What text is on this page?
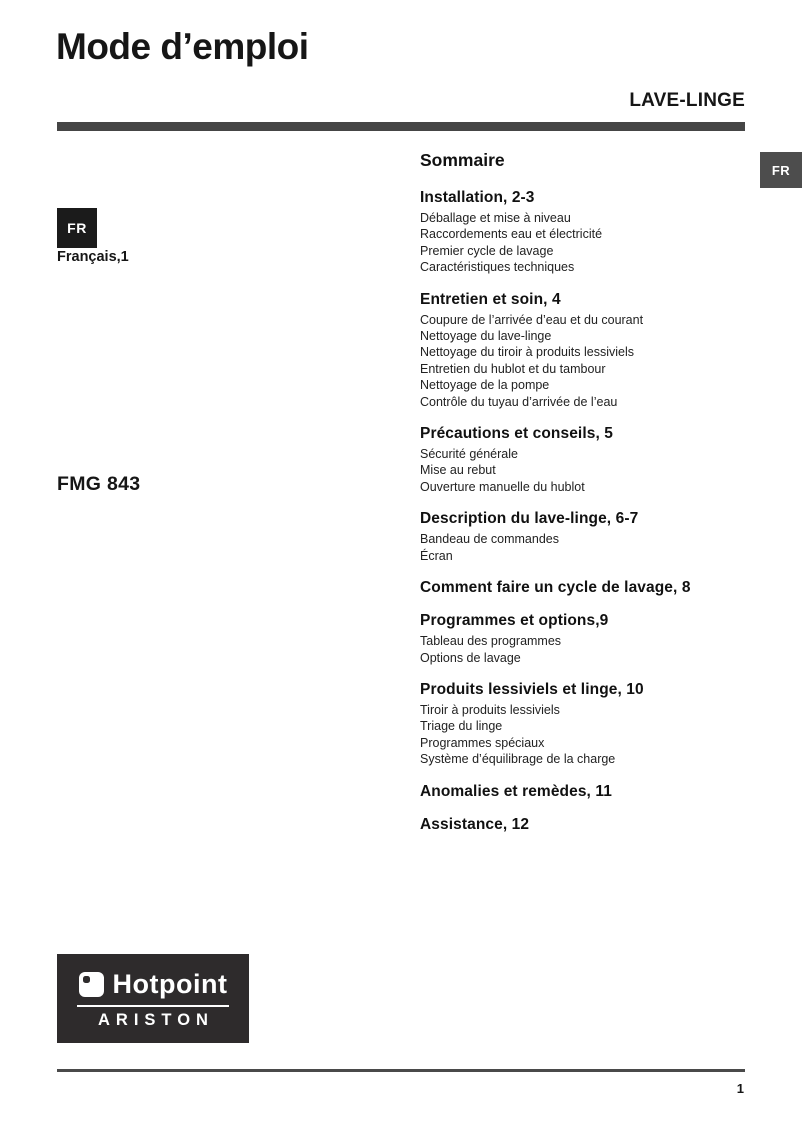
Mode d’emploi
LAVE-LINGE
FR
FR
Français,1
FMG 843
Sommaire
Installation, 2-3
Déballage et mise à niveau
Raccordements eau et électricité
Premier cycle de lavage
Caractéristiques techniques
Entretien et soin, 4
Coupure de l’arrivée d’eau et du courant
Nettoyage du lave-linge
Nettoyage du tiroir à produits lessiviels
Entretien du hublot et du tambour
Nettoyage de la pompe
Contrôle du tuyau d’arrivée de l’eau
Précautions et conseils, 5
Sécurité générale
Mise au rebut
Ouverture manuelle du hublot
Description du lave-linge, 6-7
Bandeau de commandes
Écran
Comment faire un cycle de lavage, 8
Programmes et options,9
Tableau des programmes
Options de lavage
Produits lessiviels et linge, 10
Tiroir à produits lessiviels
Triage du linge
Programmes spéciaux
Système d’équilibrage de la charge
Anomalies et remèdes, 11
Assistance, 12
Hotpoint
ARISTON
1
